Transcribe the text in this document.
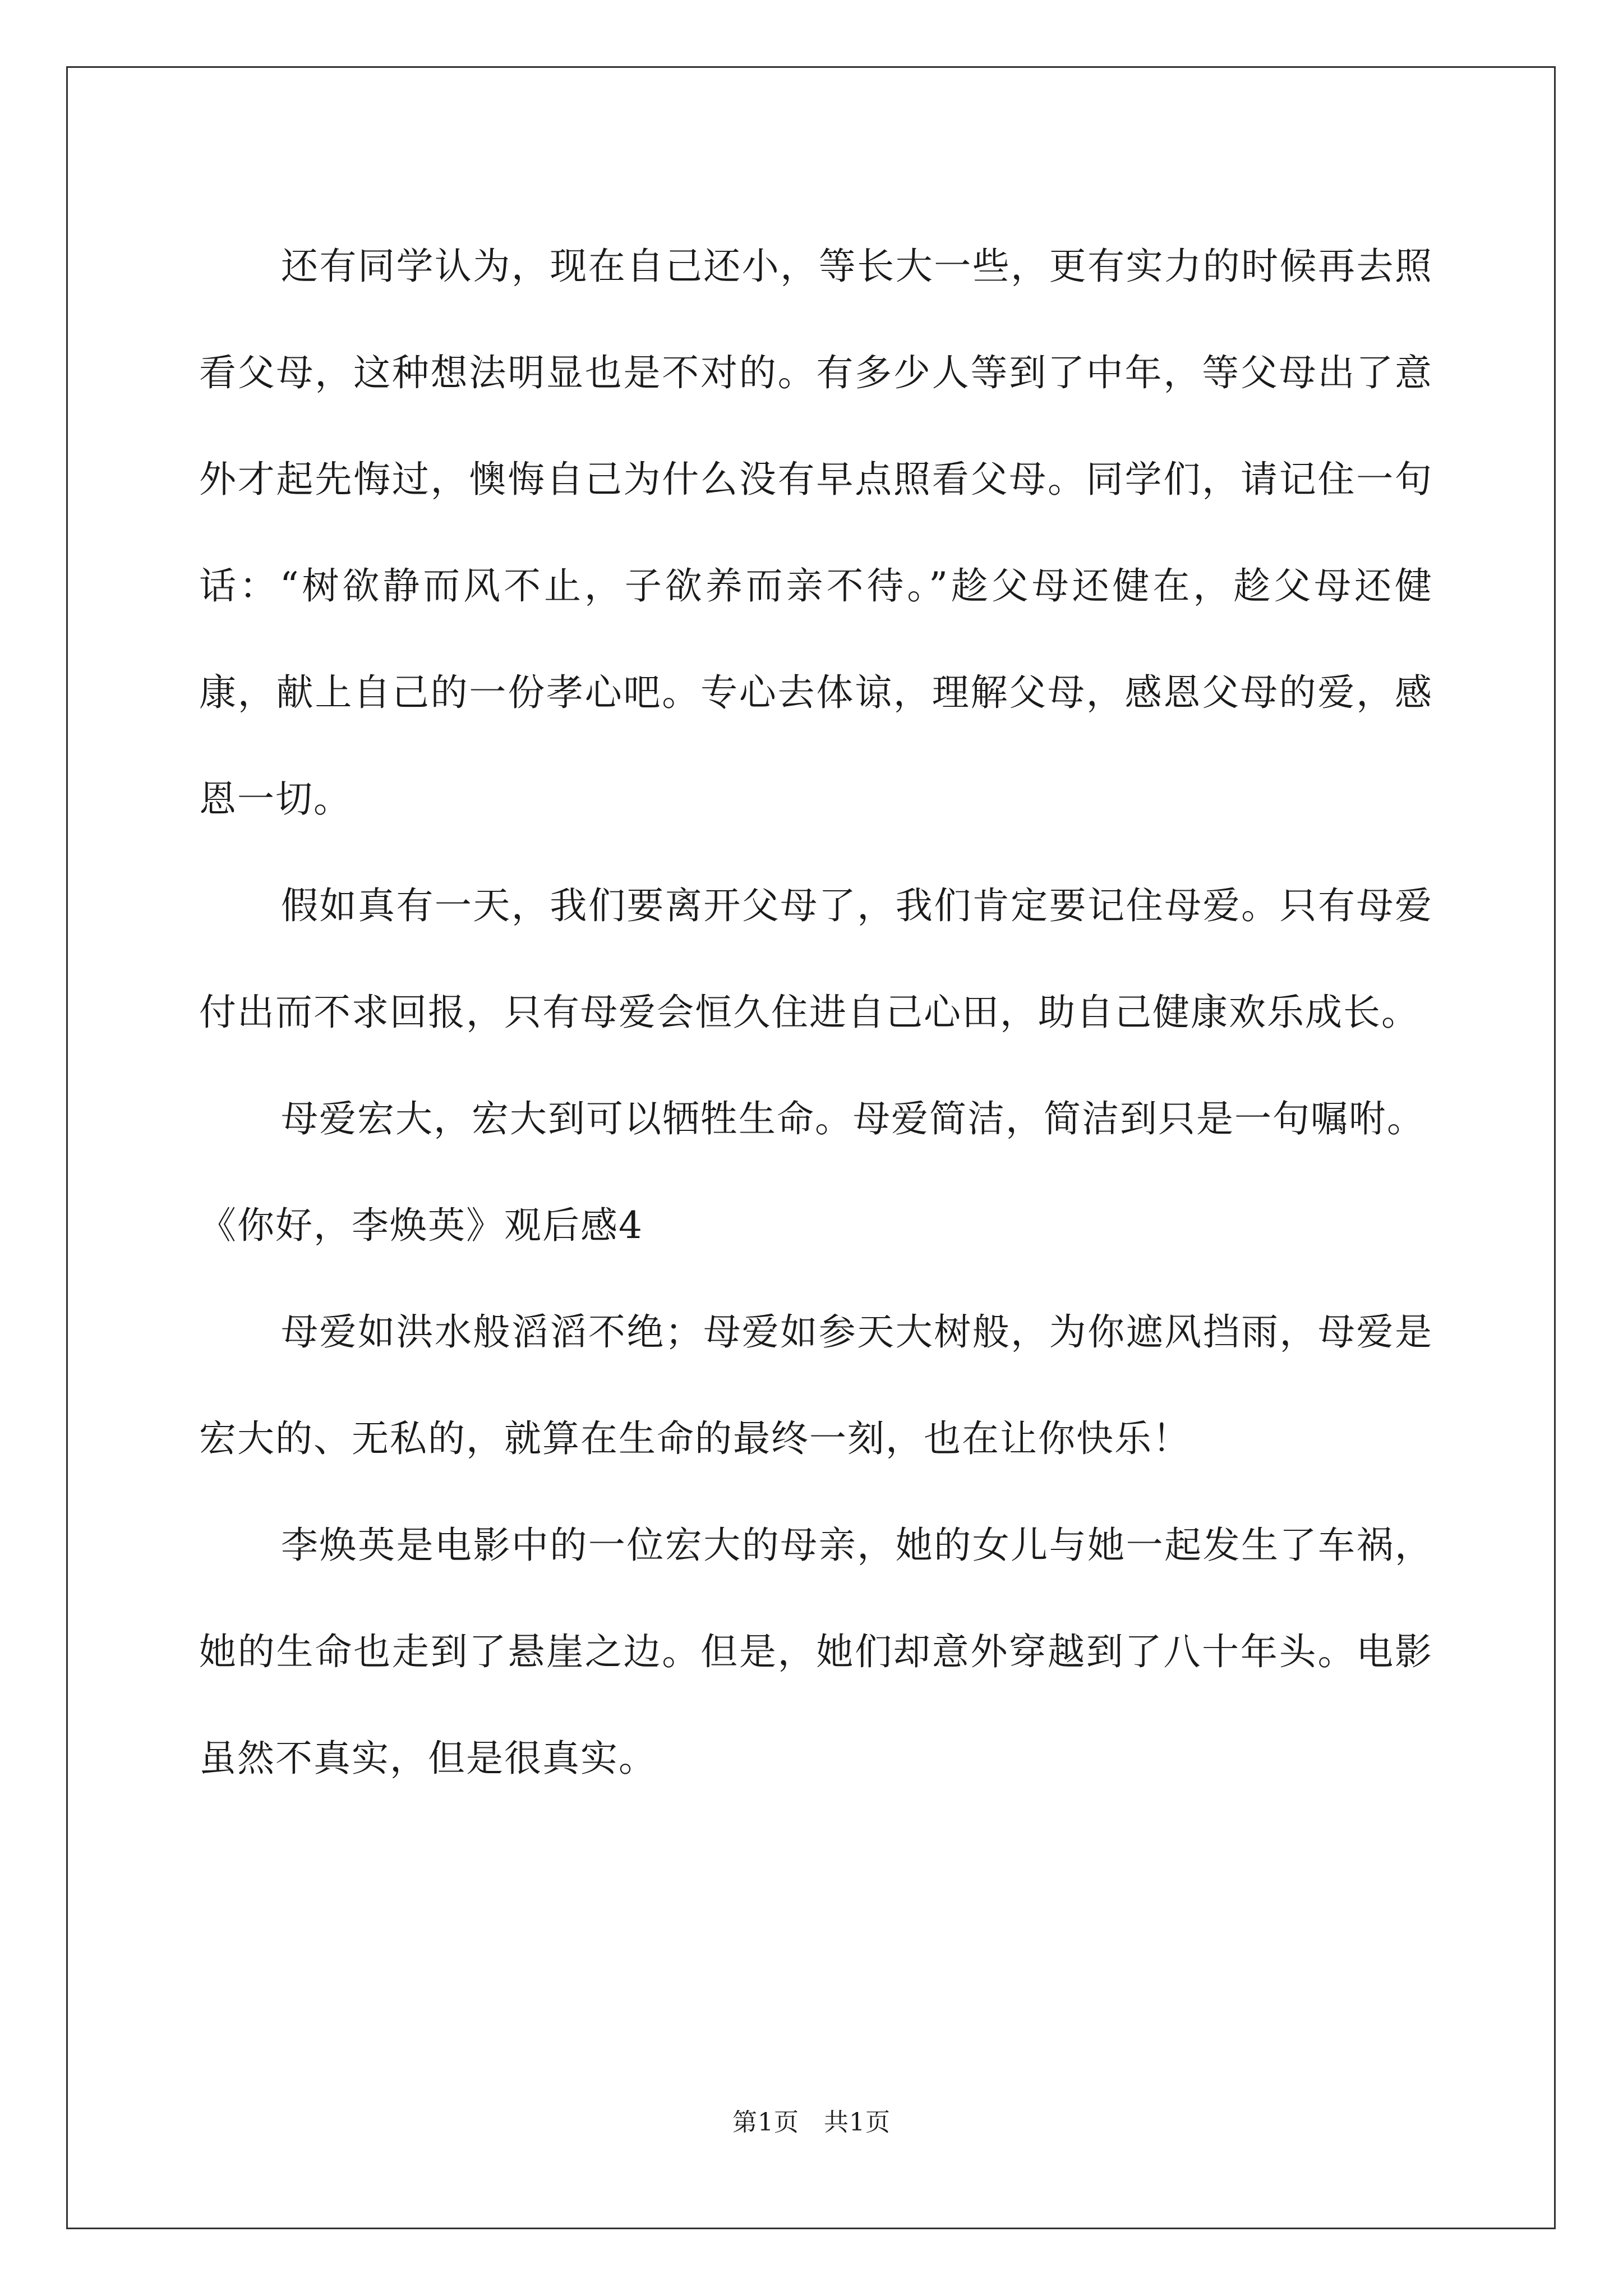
还有同学认为，现在自己还小，等长大一些，更有实力的时候再去照看父母，这种想法明显也是不对的。有多少人等到了中年，等父母出了意外才起先悔过，懊悔自己为什么没有早点照看父母。同学们，请记住一句话：“树欲静而风不止，子欲养而亲不待。”趁父母还健在，趁父母还健康，献上自己的一份孝心吧。专心去体谅，理解父母，感恩父母的爱，感恩一切。

假如真有一天，我们要离开父母了，我们肯定要记住母爱。只有母爱付出而不求回报，只有母爱会恒久住进自己心田，助自己健康欢乐成长。

母爱宏大，宏大到可以牺牲生命。母爱简洁，简洁到只是一句嘱咐。

《你好，李焕英》观后感4

母爱如洪水般滔滔不绝；母爱如参天大树般，为你遮风挡雨，母爱是宏大的、无私的，就算在生命的最终一刻，也在让你快乐！

李焕英是电影中的一位宏大的母亲，她的女儿与她一起发生了车祸，她的生命也走到了悬崖之边。但是，她们却意外穿越到了八十年头。电影虽然不真实，但是很真实。

第1页 共1页
